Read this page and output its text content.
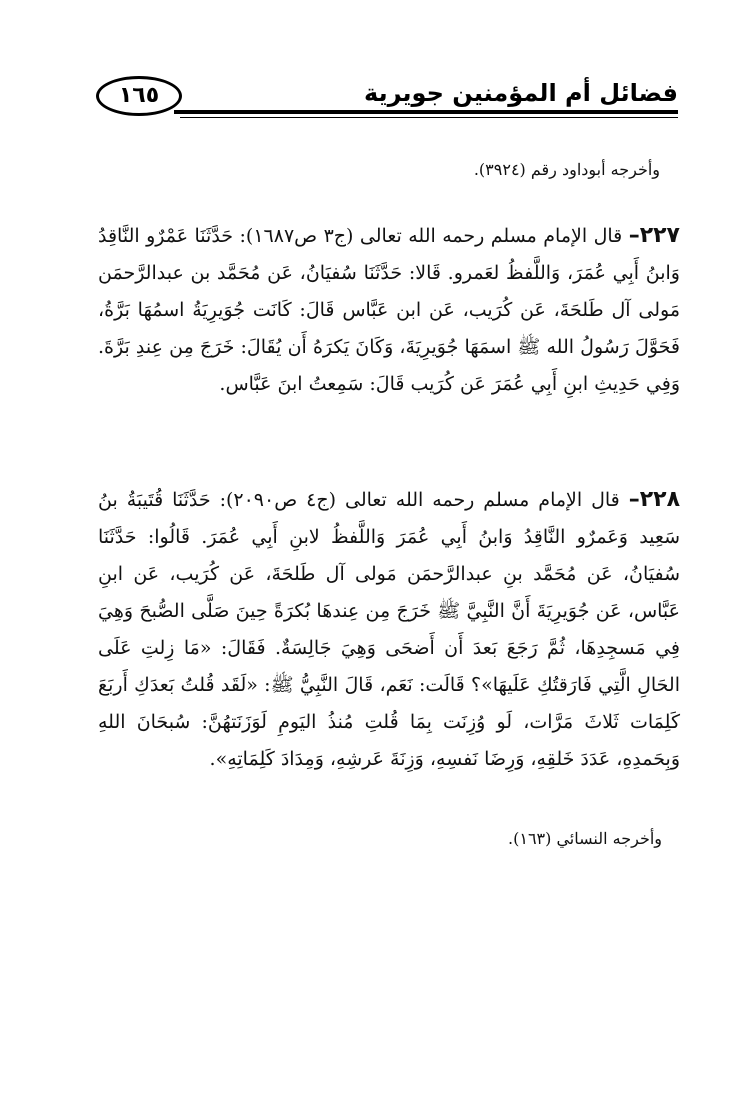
فضائل أم المؤمنين جويرية
١٦٥

وأخرجه أبوداود رقم (٣٩٢٤).

٢٢٧– قال الإمام مسلم رحمه الله تعالى (ج٣ ص١٦٨٧): حَدَّثَنَا عَمْرٌو النَّاقِدُ وَابنُ أَبِي عُمَرَ، وَاللَّفظُ لعَمرو. قَالا: حَدَّثَنَا سُفيَانُ، عَن مُحَمَّد بن عبدالرَّحمَن مَولى آل طَلحَةَ، عَن كُرَيب، عَن ابن عَبَّاس قَالَ: كَانَت جُوَيرِيَةُ اسمُهَا بَرَّةُ، فَحَوَّلَ رَسُولُ الله ﷺ اسمَهَا جُوَيرِيَةَ، وَكَانَ يَكرَهُ أَن يُقَالَ: خَرَجَ مِن عِندِ بَرَّةَ. وَفِي حَدِيثِ ابنِ أَبِي عُمَرَ عَن كُرَيب قَالَ: سَمِعتُ ابنَ عَبَّاس.

٢٢٨– قال الإمام مسلم رحمه الله تعالى (ج٤ ص٢٠٩٠): حَدَّثَنَا قُتَيبَةُ بنُ سَعِيد وَعَمرٌو النَّاقِدُ وَابنُ أَبِي عُمَرَ وَاللَّفظُ لابنِ أَبِي عُمَرَ. قَالُوا: حَدَّثَنَا سُفيَانُ، عَن مُحَمَّد بنِ عبدالرَّحمَن مَولى آل طَلحَةَ، عَن كُرَيب، عَن ابنِ عَبَّاس، عَن جُوَيرِيَةَ أَنَّ النَّبِيَّ ﷺ خَرَجَ مِن عِندهَا بُكرَةً حِينَ صَلَّى الصُّبحَ وَهِيَ فِي مَسجِدِهَا، ثُمَّ رَجَعَ بَعدَ أَن أَضحَى وَهِيَ جَالِسَةٌ. فَقَالَ: «مَا زِلتِ عَلَى الحَالِ الَّتِي فَارَقتُكِ عَلَيهَا»؟ قَالَت: نَعَم، قَالَ النَّبِيُّ ﷺ: «لَقَد قُلتُ بَعدَكِ أَربَعَ كَلِمَات ثَلاثَ مَرَّات، لَو وُزِنَت بِمَا قُلتِ مُنذُ اليَومِ لَوَزَنَتهُنَّ: سُبحَانَ اللهِ وَبِحَمدِهِ، عَدَدَ خَلقِهِ، وَرِضَا نَفسِهِ، وَزِنَةَ عَرشِهِ، وَمِدَادَ كَلِمَاتِهِ».

وأخرجه النسائي (١٦٣).
